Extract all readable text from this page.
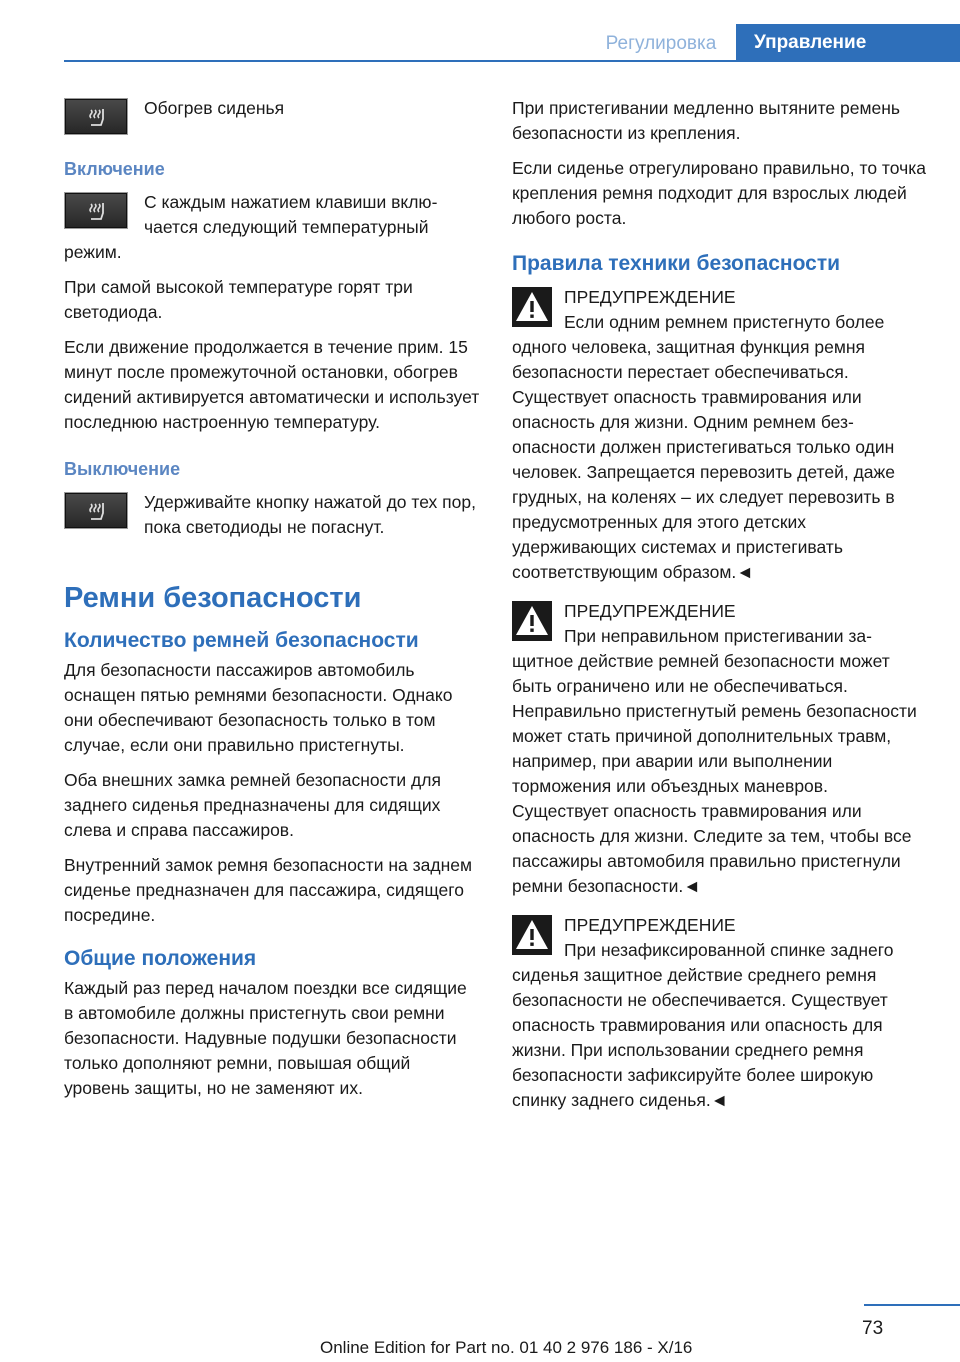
Регулировка	Управление

Обогрев сиденья

Включение

С каждым нажатием клавиши включается следующий температурный режим.

При самой высокой температуре горят три светодиода.

Если движение продолжается в течение прим. 15 минут после промежуточной остановки, обогрев сидений активируется автоматически и использует последнюю настроенную температуру.

Выключение

Удерживайте кнопку нажатой до тех пор, пока светодиоды не погаснут.

Ремни безопасности
Количество ремней безопасности

Для безопасности пассажиров автомобиль оснащен пятью ремнями безопасности. Однако они обеспечивают безопасность только в том случае, если они правильно пристегнуты.

Оба внешних замка ремней безопасности для заднего сиденья предназначены для сидящих слева и справа пассажиров.

Внутренний замок ремня безопасности на заднем сиденье предназначен для пассажира, сидящего посредине.

Общие положения

Каждый раз перед началом поездки все сидящие в автомобиле должны пристегнуть свои ремни безопасности. Надувные подушки безопасности только дополняют ремни, повышая общий уровень защиты, но не заменяют их.

При пристегивании медленно вытяните ремень безопасности из крепления.

Если сиденье отрегулировано правильно, то точка крепления ремня подходит для взрослых людей любого роста.

Правила техники безопасности

ПРЕДУПРЕЖДЕНИЕ
Если одним ремнем пристегнуто более одного человека, защитная функция ремня безопасности перестает обеспечиваться. Существует опасность травмирования или опасность для жизни. Одним ремнем безопасности должен пристегиваться только один человек. Запрещается перевозить детей, даже грудных, на коленях – их следует перевозить в предусмотренных для этого детских удерживающих системах и пристегивать соответствующим образом.◄

ПРЕДУПРЕЖДЕНИЕ
При неправильном пристегивании защитное действие ремней безопасности может быть ограничено или не обеспечиваться. Неправильно пристегнутый ремень безопасности может стать причиной дополнительных травм, например, при аварии или выполнении торможения или объездных маневров. Существует опасность травмирования или опасность для жизни. Следите за тем, чтобы все пассажиры автомобиля правильно пристегнули ремни безопасности.◄

ПРЕДУПРЕЖДЕНИЕ
При незафиксированной спинке заднего сиденья защитное действие среднего ремня безопасности не обеспечивается. Существует опасность травмирования или опасность для жизни. При использовании среднего ремня безопасности зафиксируйте более широкую спинку заднего сиденья.◄

73
Online Edition for Part no. 01 40 2 976 186 - X/16
